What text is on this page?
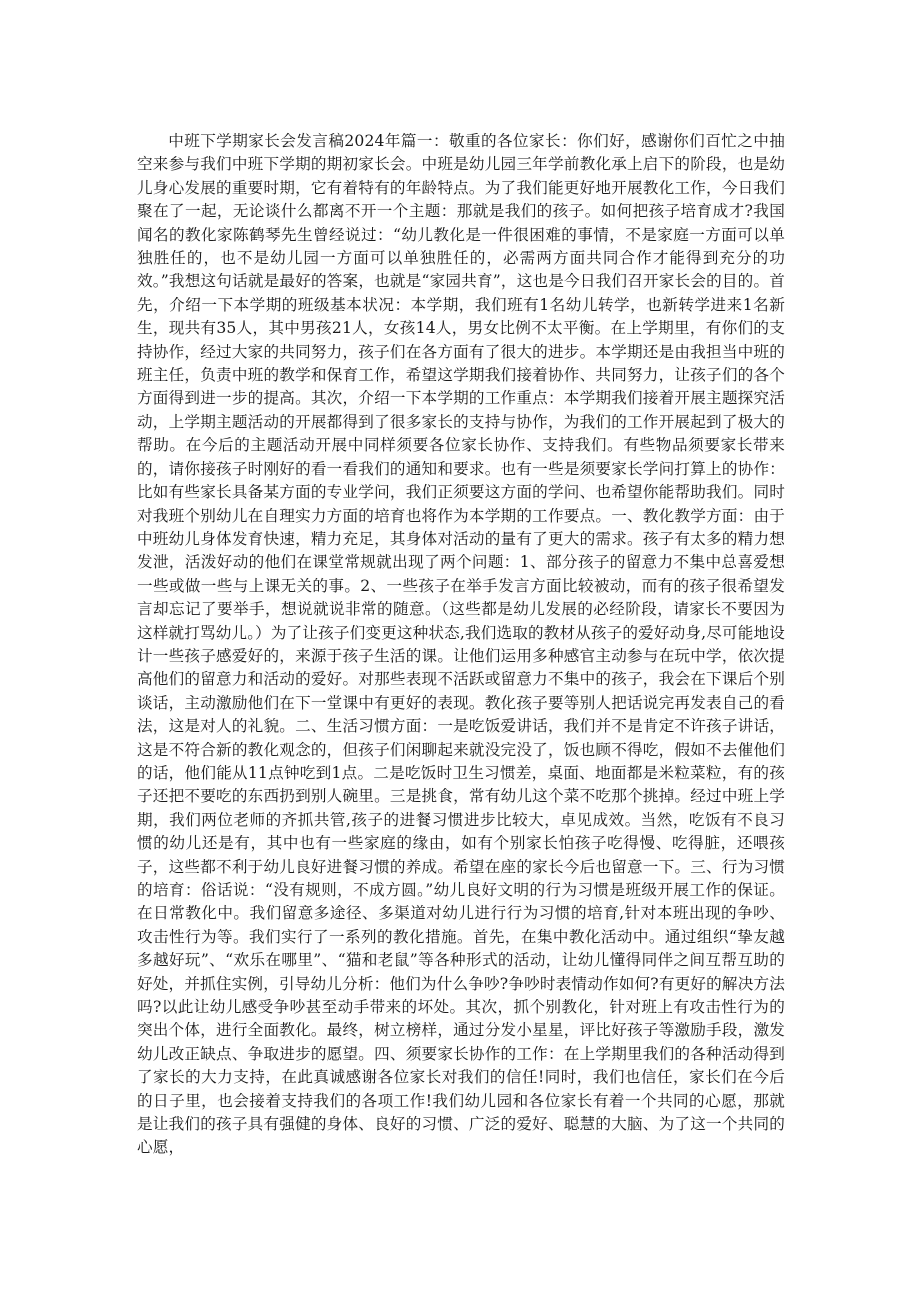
中班下学期家长会发言稿2024年篇一：敬重的各位家长：你们好，感谢你们百忙之中抽空来参与我们中班下学期的期初家长会。中班是幼儿园三年学前教化承上启下的阶段，也是幼儿身心发展的重要时期，它有着特有的年龄特点。为了我们能更好地开展教化工作，今日我们聚在了一起，无论谈什么都离不开一个主题：那就是我们的孩子。如何把孩子培育成才?我国闻名的教化家陈鹤琴先生曾经说过：“幼儿教化是一件很困难的事情，不是家庭一方面可以单独胜任的，也不是幼儿园一方面可以单独胜任的，必需两方面共同合作才能得到充分的功效。”我想这句话就是最好的答案，也就是“家园共育”，这也是今日我们召开家长会的目的。首先，介绍一下本学期的班级基本状况：本学期，我们班有1名幼儿转学，也新转学进来1名新生，现共有35人，其中男孩21人，女孩14人，男女比例不太平衡。在上学期里，有你们的支持协作，经过大家的共同努力，孩子们在各方面有了很大的进步。本学期还是由我担当中班的班主任，负责中班的教学和保育工作，希望这学期我们接着协作、共同努力，让孩子们的各个方面得到进一步的提高。其次，介绍一下本学期的工作重点：本学期我们接着开展主题探究活动，上学期主题活动的开展都得到了很多家长的支持与协作，为我们的工作开展起到了极大的帮助。在今后的主题活动开展中同样须要各位家长协作、支持我们。有些物品须要家长带来的，请你接孩子时刚好的看一看我们的通知和要求。也有一些是须要家长学问打算上的协作：比如有些家长具备某方面的专业学问，我们正须要这方面的学问、也希望你能帮助我们。同时对我班个别幼儿在自理实力方面的培育也将作为本学期的工作要点。一、教化教学方面：由于中班幼儿身体发育快速，精力充足，其身体对活动的量有了更大的需求。孩子有太多的精力想发泄，活泼好动的他们在课堂常规就出现了两个问题：1、部分孩子的留意力不集中总喜爱想一些或做一些与上课无关的事。2、一些孩子在举手发言方面比较被动，而有的孩子很希望发言却忘记了要举手，想说就说非常的随意。（这些都是幼儿发展的必经阶段，请家长不要因为这样就打骂幼儿。）为了让孩子们变更这种状态,我们选取的教材从孩子的爱好动身,尽可能地设计一些孩子感爱好的，来源于孩子生活的课。让他们运用多种感官主动参与在玩中学，依次提高他们的留意力和活动的爱好。对那些表现不活跃或留意力不集中的孩子，我会在下课后个别谈话，主动激励他们在下一堂课中有更好的表现。教化孩子要等别人把话说完再发表自己的看法，这是对人的礼貌。二、生活习惯方面：一是吃饭爱讲话，我们并不是肯定不许孩子讲话，这是不符合新的教化观念的，但孩子们闲聊起来就没完没了，饭也顾不得吃，假如不去催他们的话，他们能从11点钟吃到1点。二是吃饭时卫生习惯差，桌面、地面都是米粒菜粒，有的孩子还把不要吃的东西扔到别人碗里。三是挑食，常有幼儿这个菜不吃那个挑掉。经过中班上学期，我们两位老师的齐抓共管,孩子的进餐习惯进步比较大，卓见成效。当然，吃饭有不良习惯的幼儿还是有，其中也有一些家庭的缘由，如有个别家长怕孩子吃得慢、吃得脏，还喂孩子，这些都不利于幼儿良好进餐习惯的养成。希望在座的家长今后也留意一下。三、行为习惯的培育：俗话说：“没有规则，不成方圆。”幼儿良好文明的行为习惯是班级开展工作的保证。在日常教化中。我们留意多途径、多渠道对幼儿进行行为习惯的培育,针对本班出现的争吵、攻击性行为等。我们实行了一系列的教化措施。首先，在集中教化活动中。通过组织“挚友越多越好玩”、“欢乐在哪里”、“猫和老鼠”等各种形式的活动，让幼儿懂得同伴之间互帮互助的好处，并抓住实例，引导幼儿分析：他们为什么争吵?争吵时表情动作如何?有更好的解决方法吗?以此让幼儿感受争吵甚至动手带来的坏处。其次，抓个别教化，针对班上有攻击性行为的突出个体，进行全面教化。最终，树立榜样，通过分发小星星，评比好孩子等激励手段，激发幼儿改正缺点、争取进步的愿望。四、须要家长协作的工作：在上学期里我们的各种活动得到了家长的大力支持，在此真诚感谢各位家长对我们的信任!同时，我们也信任，家长们在今后的日子里，也会接着支持我们的各项工作!我们幼儿园和各位家长有着一个共同的心愿，那就是让我们的孩子具有强健的身体、良好的习惯、广泛的爱好、聪慧的大脑、为了这一个共同的心愿，
